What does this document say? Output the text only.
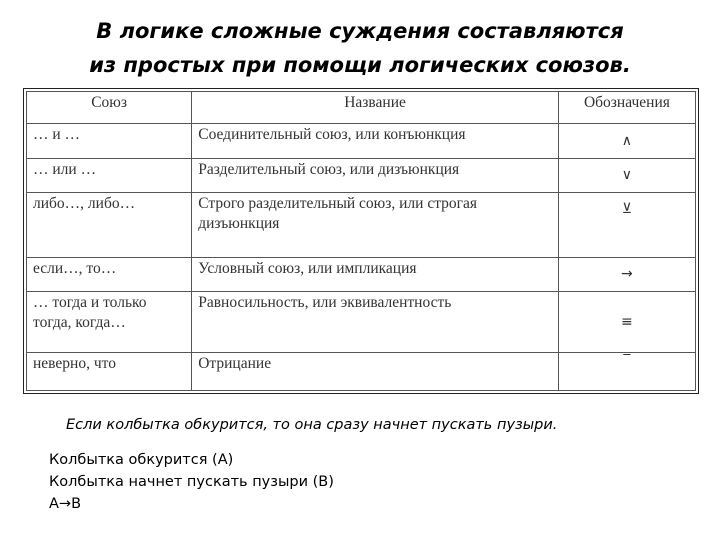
В логике сложные суждения составляются
из простых при помощи логических союзов.
Союз	Название	Обозначения
… и …	Соединительный союз, или конъюнкция	∧
… или …	Разделительный союз, или дизъюнкция	∨
либо…, либо…	Строго разделительный союз, или строгая дизъюнкция	⊻
если…, то…	Условный союз, или импликация	→
… тогда и только тогда, когда…	Равносильность, или эквивалентность	≡
неверно, что	Отрицание	‾
Если колбытка обкурится, то она сразу начнет пускать пузыри.
Колбытка обкурится (А)
Колбытка начнет пускать пузыри (В)
А→В
